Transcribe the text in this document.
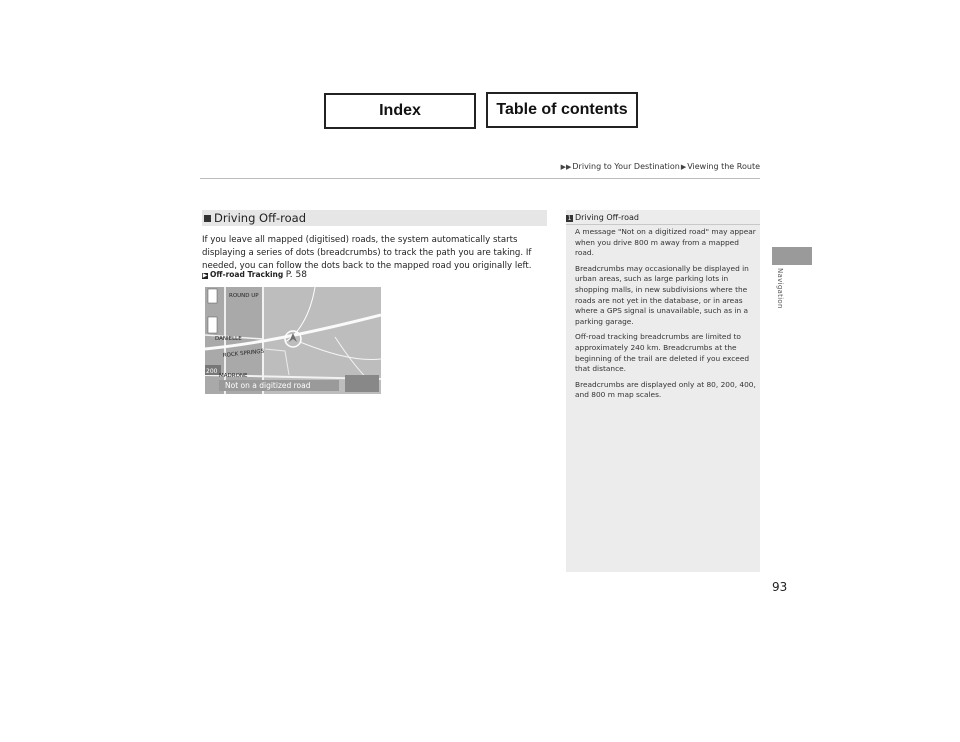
Index	Table of contents
▶▶Driving to Your Destination▶Viewing the Route
Navigation
Driving Off-road
If you leave all mapped (digitised) roads, the system automatically starts displaying a series of dots (breadcrumbs) to track the path you are taking. If needed, you can follow the dots back to the mapped road you originally left.
▶ Off-road Tracking P. 58
ROUND UP
DANIELLE
ROCK SPRINGS
MADRONE
Not on a digitized road
200
1 Driving Off-road

A message "Not on a digitized road" may appear when you drive 800 m away from a mapped road.

Breadcrumbs may occasionally be displayed in urban areas, such as large parking lots in shopping malls, in new subdivisions where the roads are not yet in the database, or in areas where a GPS signal is unavailable, such as in a parking garage.

Off-road tracking breadcrumbs are limited to approximately 240 km. Breadcrumbs at the beginning of the trail are deleted if you exceed that distance.

Breadcrumbs are displayed only at 80, 200, 400, and 800 m map scales.

93
